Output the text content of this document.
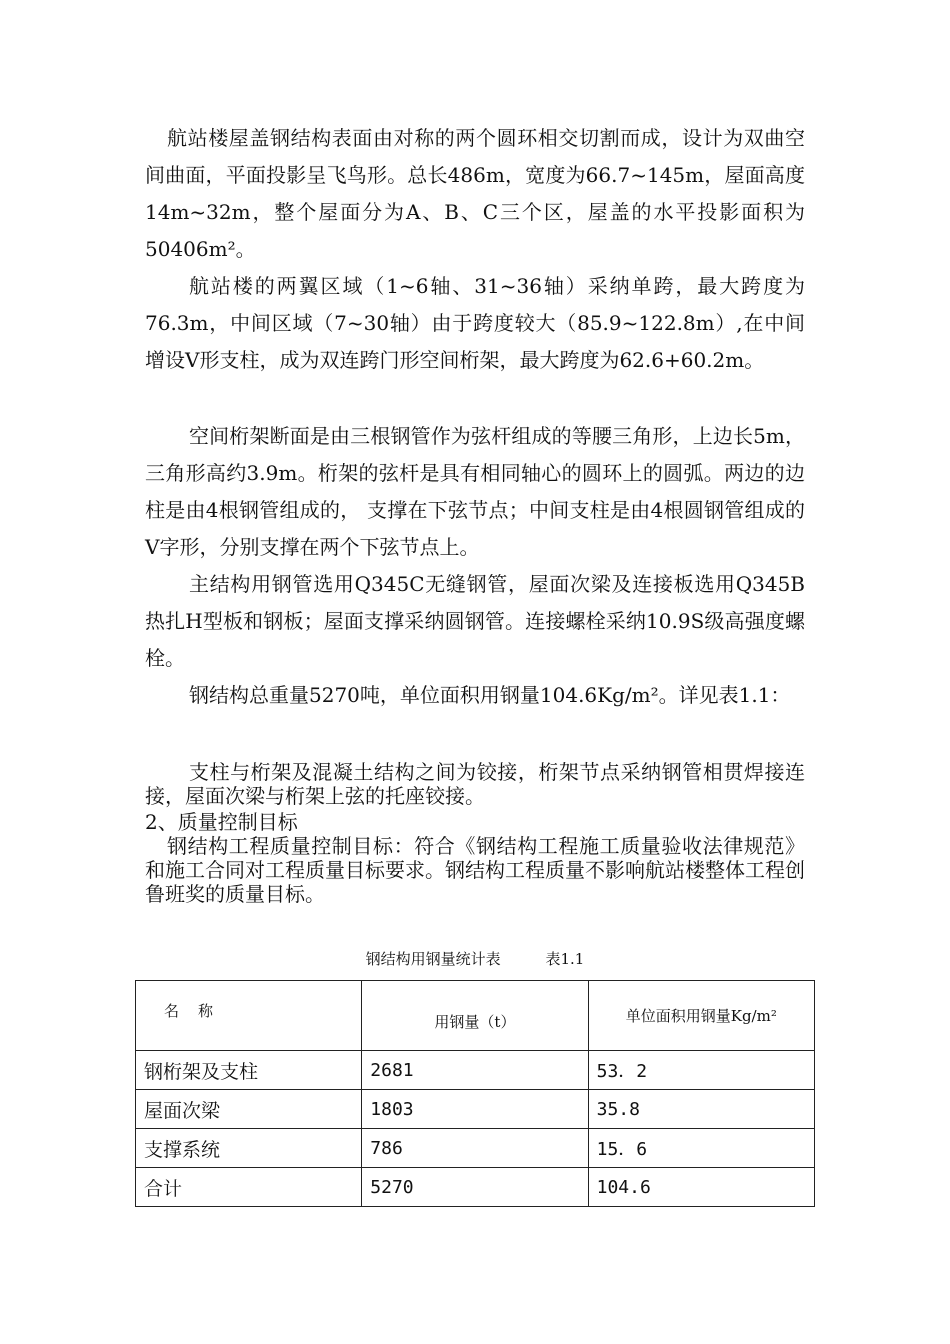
航站楼屋盖钢结构表面由对称的两个圆环相交切割而成，设计为双曲空间曲面，平面投影呈飞鸟形。总长486m，宽度为66.7~145m，屋面高度14m~32m，整个屋面分为A、B、C三个区，屋盖的水平投影面积为50406m²。
航站楼的两翼区域（1~6轴、31~36轴）采纳单跨，最大跨度为76.3m，中间区域（7~30轴）由于跨度较大（85.9~122.8m）,在中间增设V形支柱，成为双连跨门形空间桁架，最大跨度为62.6+60.2m。
空间桁架断面是由三根钢管作为弦杆组成的等腰三角形，上边长5m，三角形高约3.9m。桁架的弦杆是具有相同轴心的圆环上的圆弧。两边的边柱是由4根钢管组成的， 支撑在下弦节点；中间支柱是由4根圆钢管组成的V字形，分别支撑在两个下弦节点上。
主结构用钢管选用Q345C无缝钢管，屋面次梁及连接板选用Q345B热扎H型板和钢板；屋面支撑采纳圆钢管。连接螺栓采纳10.9S级高强度螺栓。
钢结构总重量5270吨，单位面积用钢量104.6Kg/m²。详见表1.1：
支柱与桁架及混凝土结构之间为铰接，桁架节点采纳钢管相贯焊接连接，屋面次梁与桁架上弦的托座铰接。
2、质量控制目标
钢结构工程质量控制目标：符合《钢结构工程施工质量验收法律规范》和施工合同对工程质量目标要求。钢结构工程质量不影响航站楼整体工程创鲁班奖的质量目标。
钢结构用钢量统计表	表1.1
名　称	用钢量（t）	单位面积用钢量Kg/m²
钢桁架及支柱	2681	53．2
屋面次梁	1803	35.8
支撑系统	786	15．6
合计	5270	104.6
